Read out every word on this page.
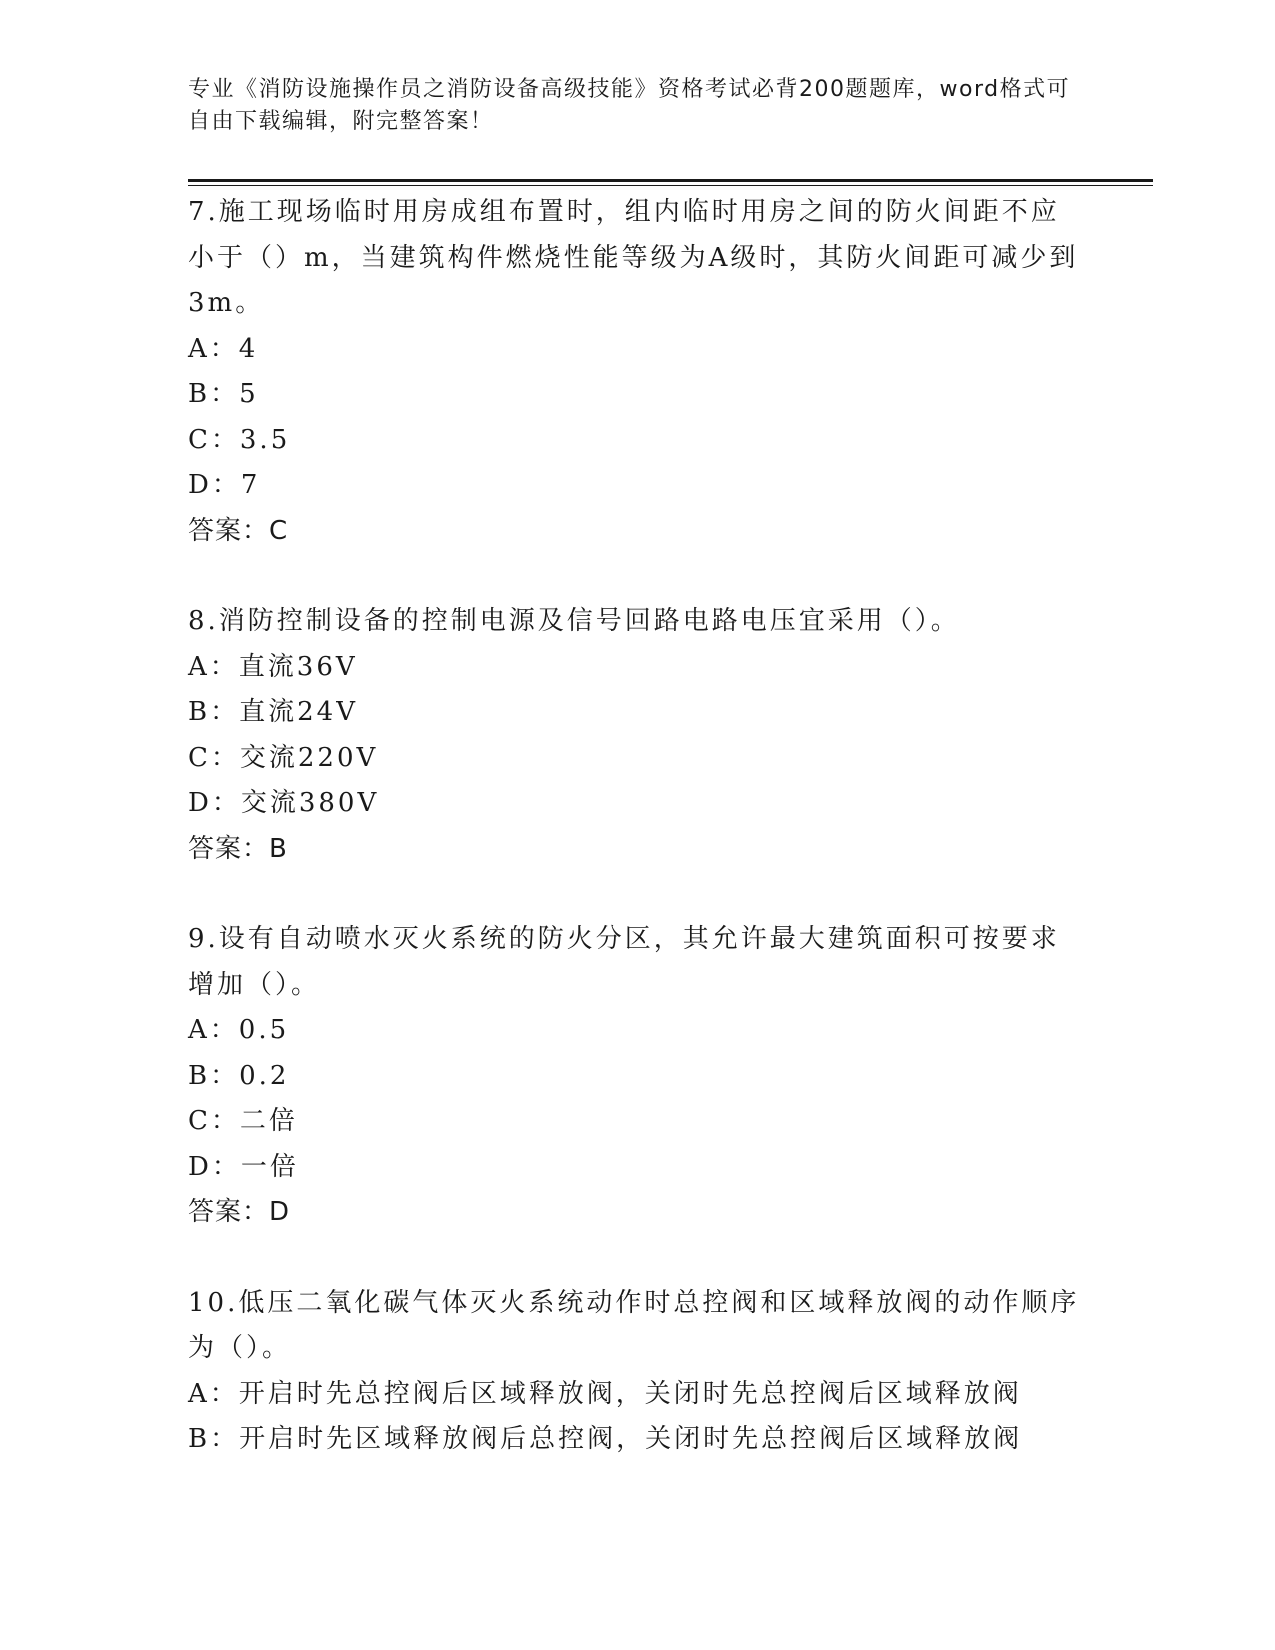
专业《消防设施操作员之消防设备高级技能》资格考试必背200题题库，word格式可自由下载编辑，附完整答案！

7.施工现场临时用房成组布置时，组内临时用房之间的防火间距不应小于（）m，当建筑构件燃烧性能等级为A级时，其防火间距可减少到3m。

A：4

B：5

C：3.5

D：7

答案：C

8.消防控制设备的控制电源及信号回路电路电压宜采用（）。

A：直流36V

B：直流24V

C：交流220V

D：交流380V

答案：B

9.设有自动喷水灭火系统的防火分区，其允许最大建筑面积可按要求增加（）。

A：0.5

B：0.2

C：二倍

D：一倍

答案：D

10.低压二氧化碳气体灭火系统动作时总控阀和区域释放阀的动作顺序为（）。

A：开启时先总控阀后区域释放阀，关闭时先总控阀后区域释放阀

B：开启时先区域释放阀后总控阀，关闭时先总控阀后区域释放阀
